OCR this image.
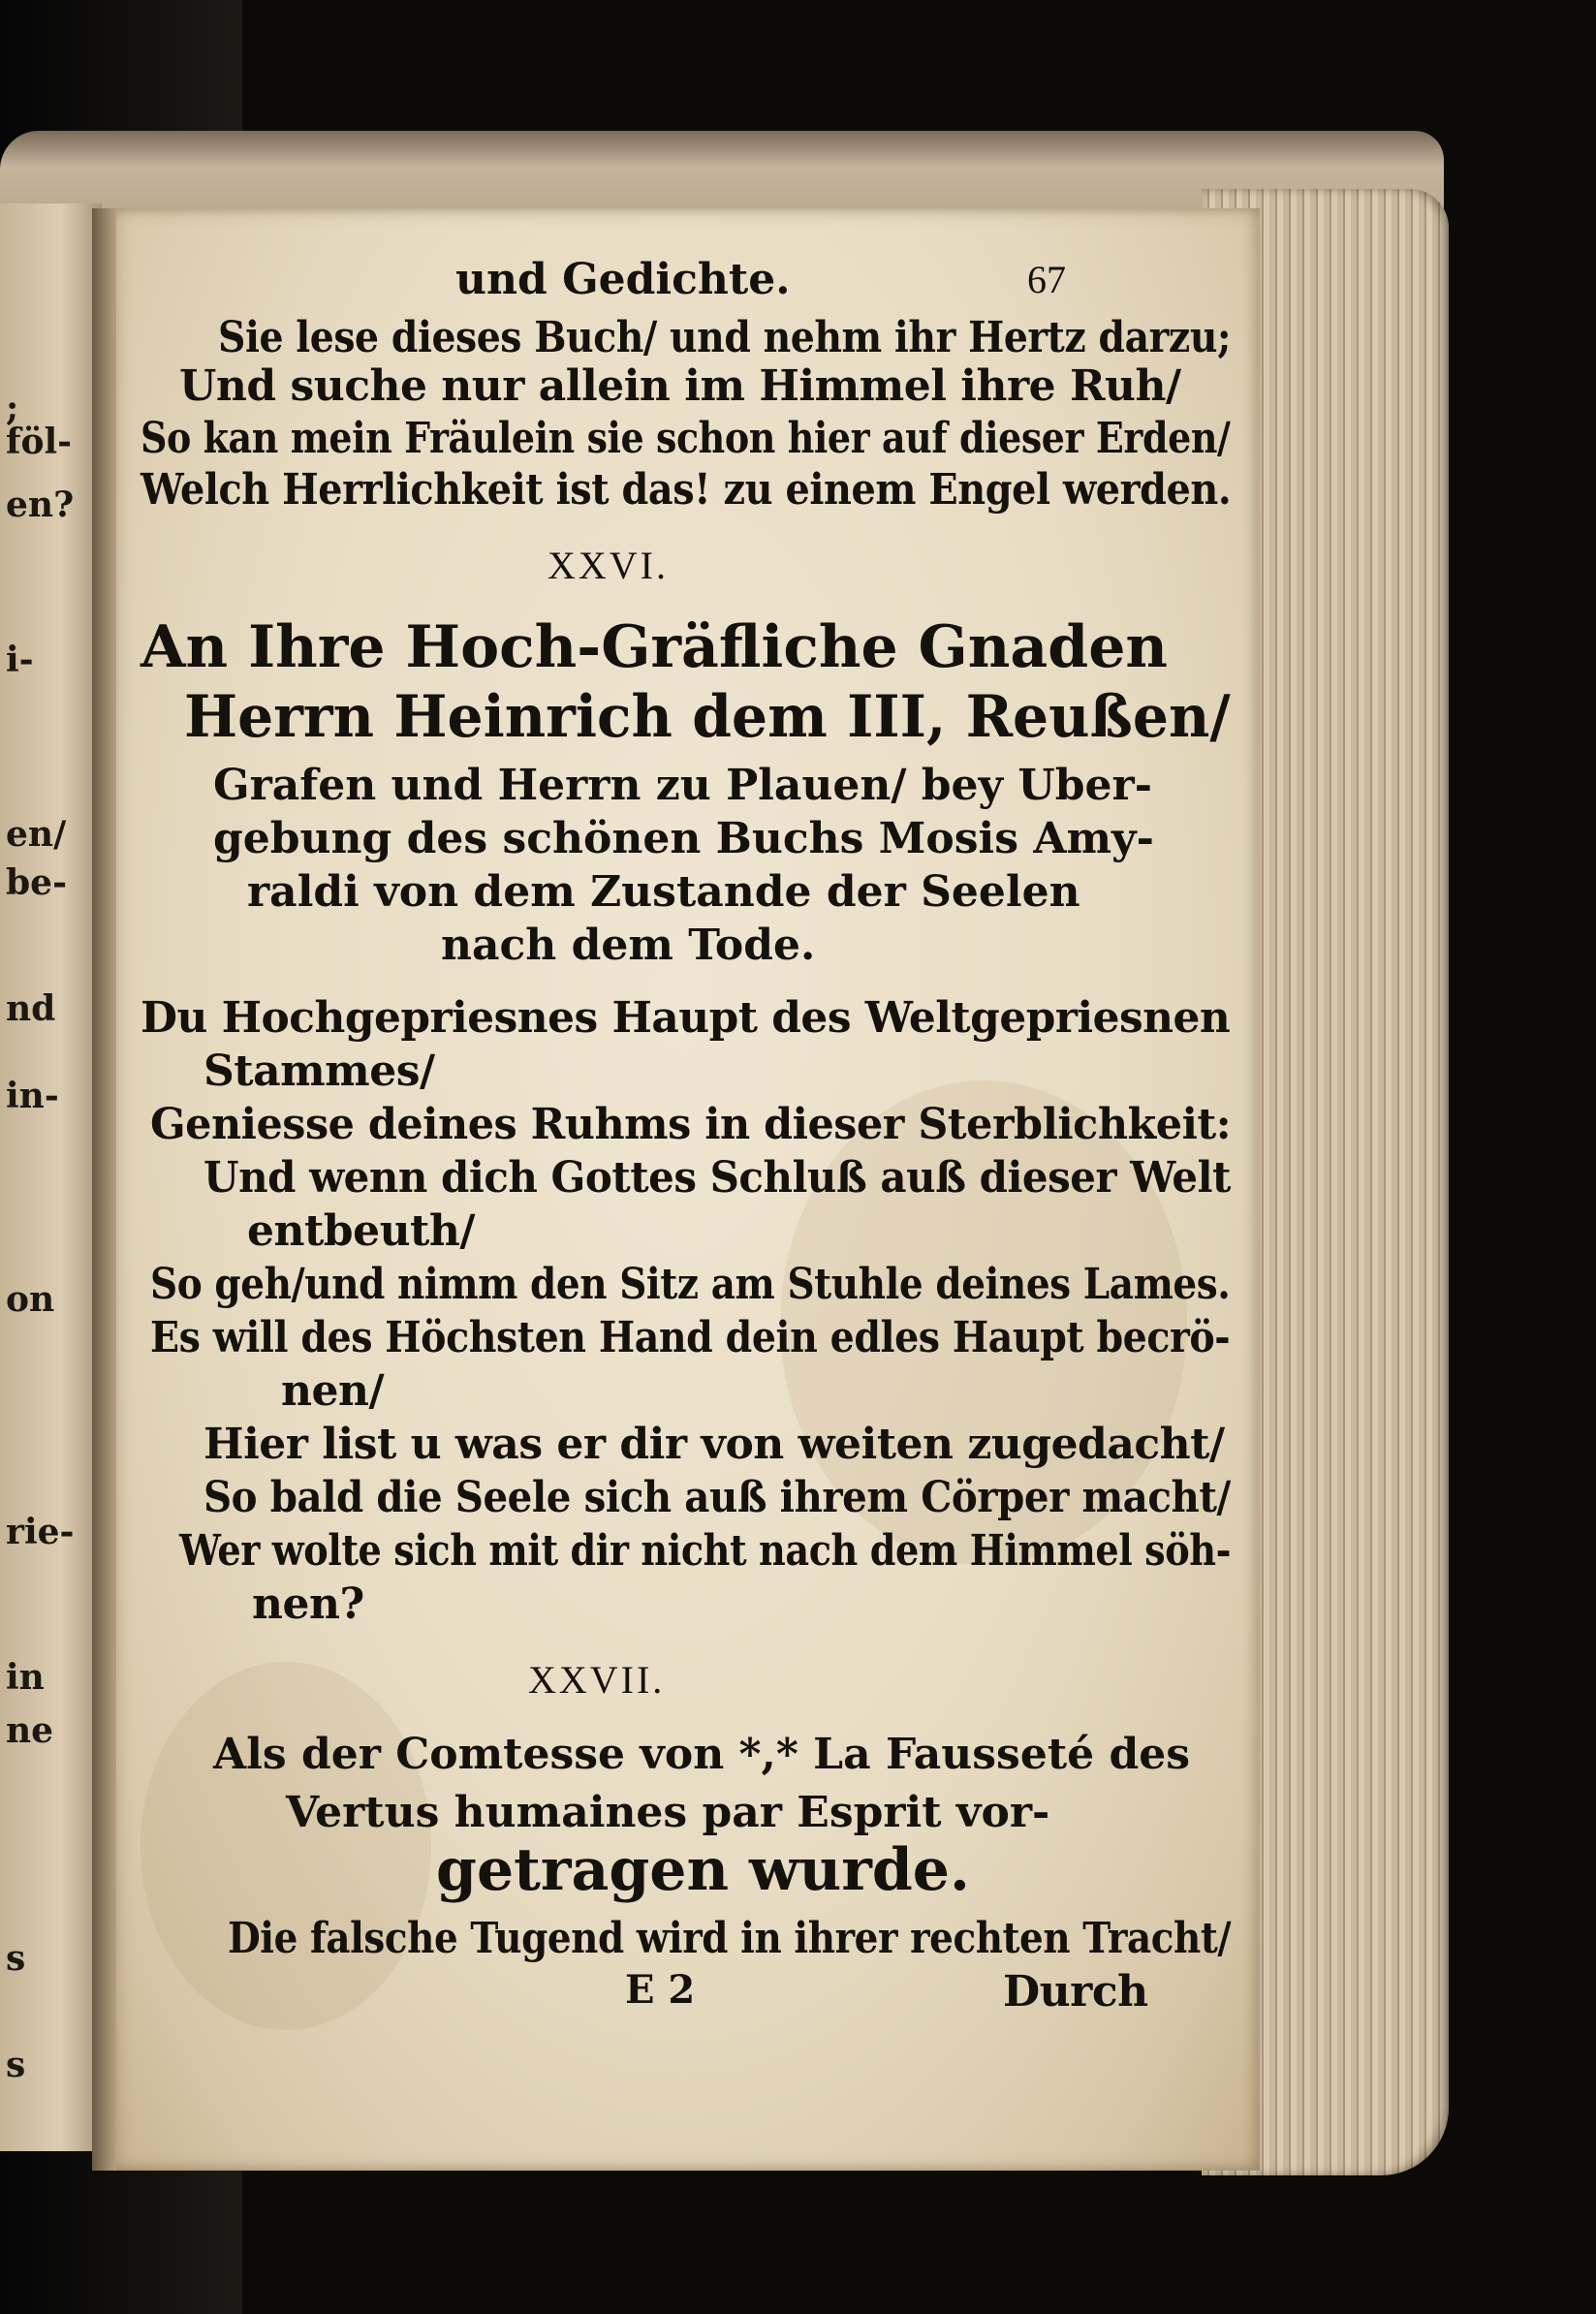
;
föl-
en?
i-
en/
be-
nd
in-
on
rie-
in
ne
s
s
und Gedichte.	67
Sie lese dieses Buch/ und nehm ihr Hertz darzu;
Und suche nur allein im Himmel ihre Ruh/
So kan mein Fräulein sie schon hier auf dieser Erden/
Welch Herrlichkeit ist das! zu einem Engel werden.
XXVI.
An Ihre Hoch-Gräfliche Gnaden
Herrn Heinrich dem III, Reußen/
Grafen und Herrn zu Plauen/ bey Uber-
gebung des schönen Buchs Mosis Amy-
raldi von dem Zustande der Seelen
nach dem Tode.
Du Hochgepriesnes Haupt des Weltgepriesnen
Stammes/
Geniesse deines Ruhms in dieser Sterblichkeit:
Und wenn dich Gottes Schluß auß dieser Welt
entbeuth/
So geh/und nimm den Sitz am Stuhle deines Lames.
Es will des Höchsten Hand dein edles Haupt becrö-
nen/
Hier list u was er dir von weiten zugedacht/
So bald die Seele sich auß ihrem Cörper macht/
Wer wolte sich mit dir nicht nach dem Himmel söh-
nen?
XXVII.
Als der Comtesse von *,* La Fausseté des
Vertus humaines par Esprit vor-
getragen wurde.
Die falsche Tugend wird in ihrer rechten Tracht/
E 2	Durch
